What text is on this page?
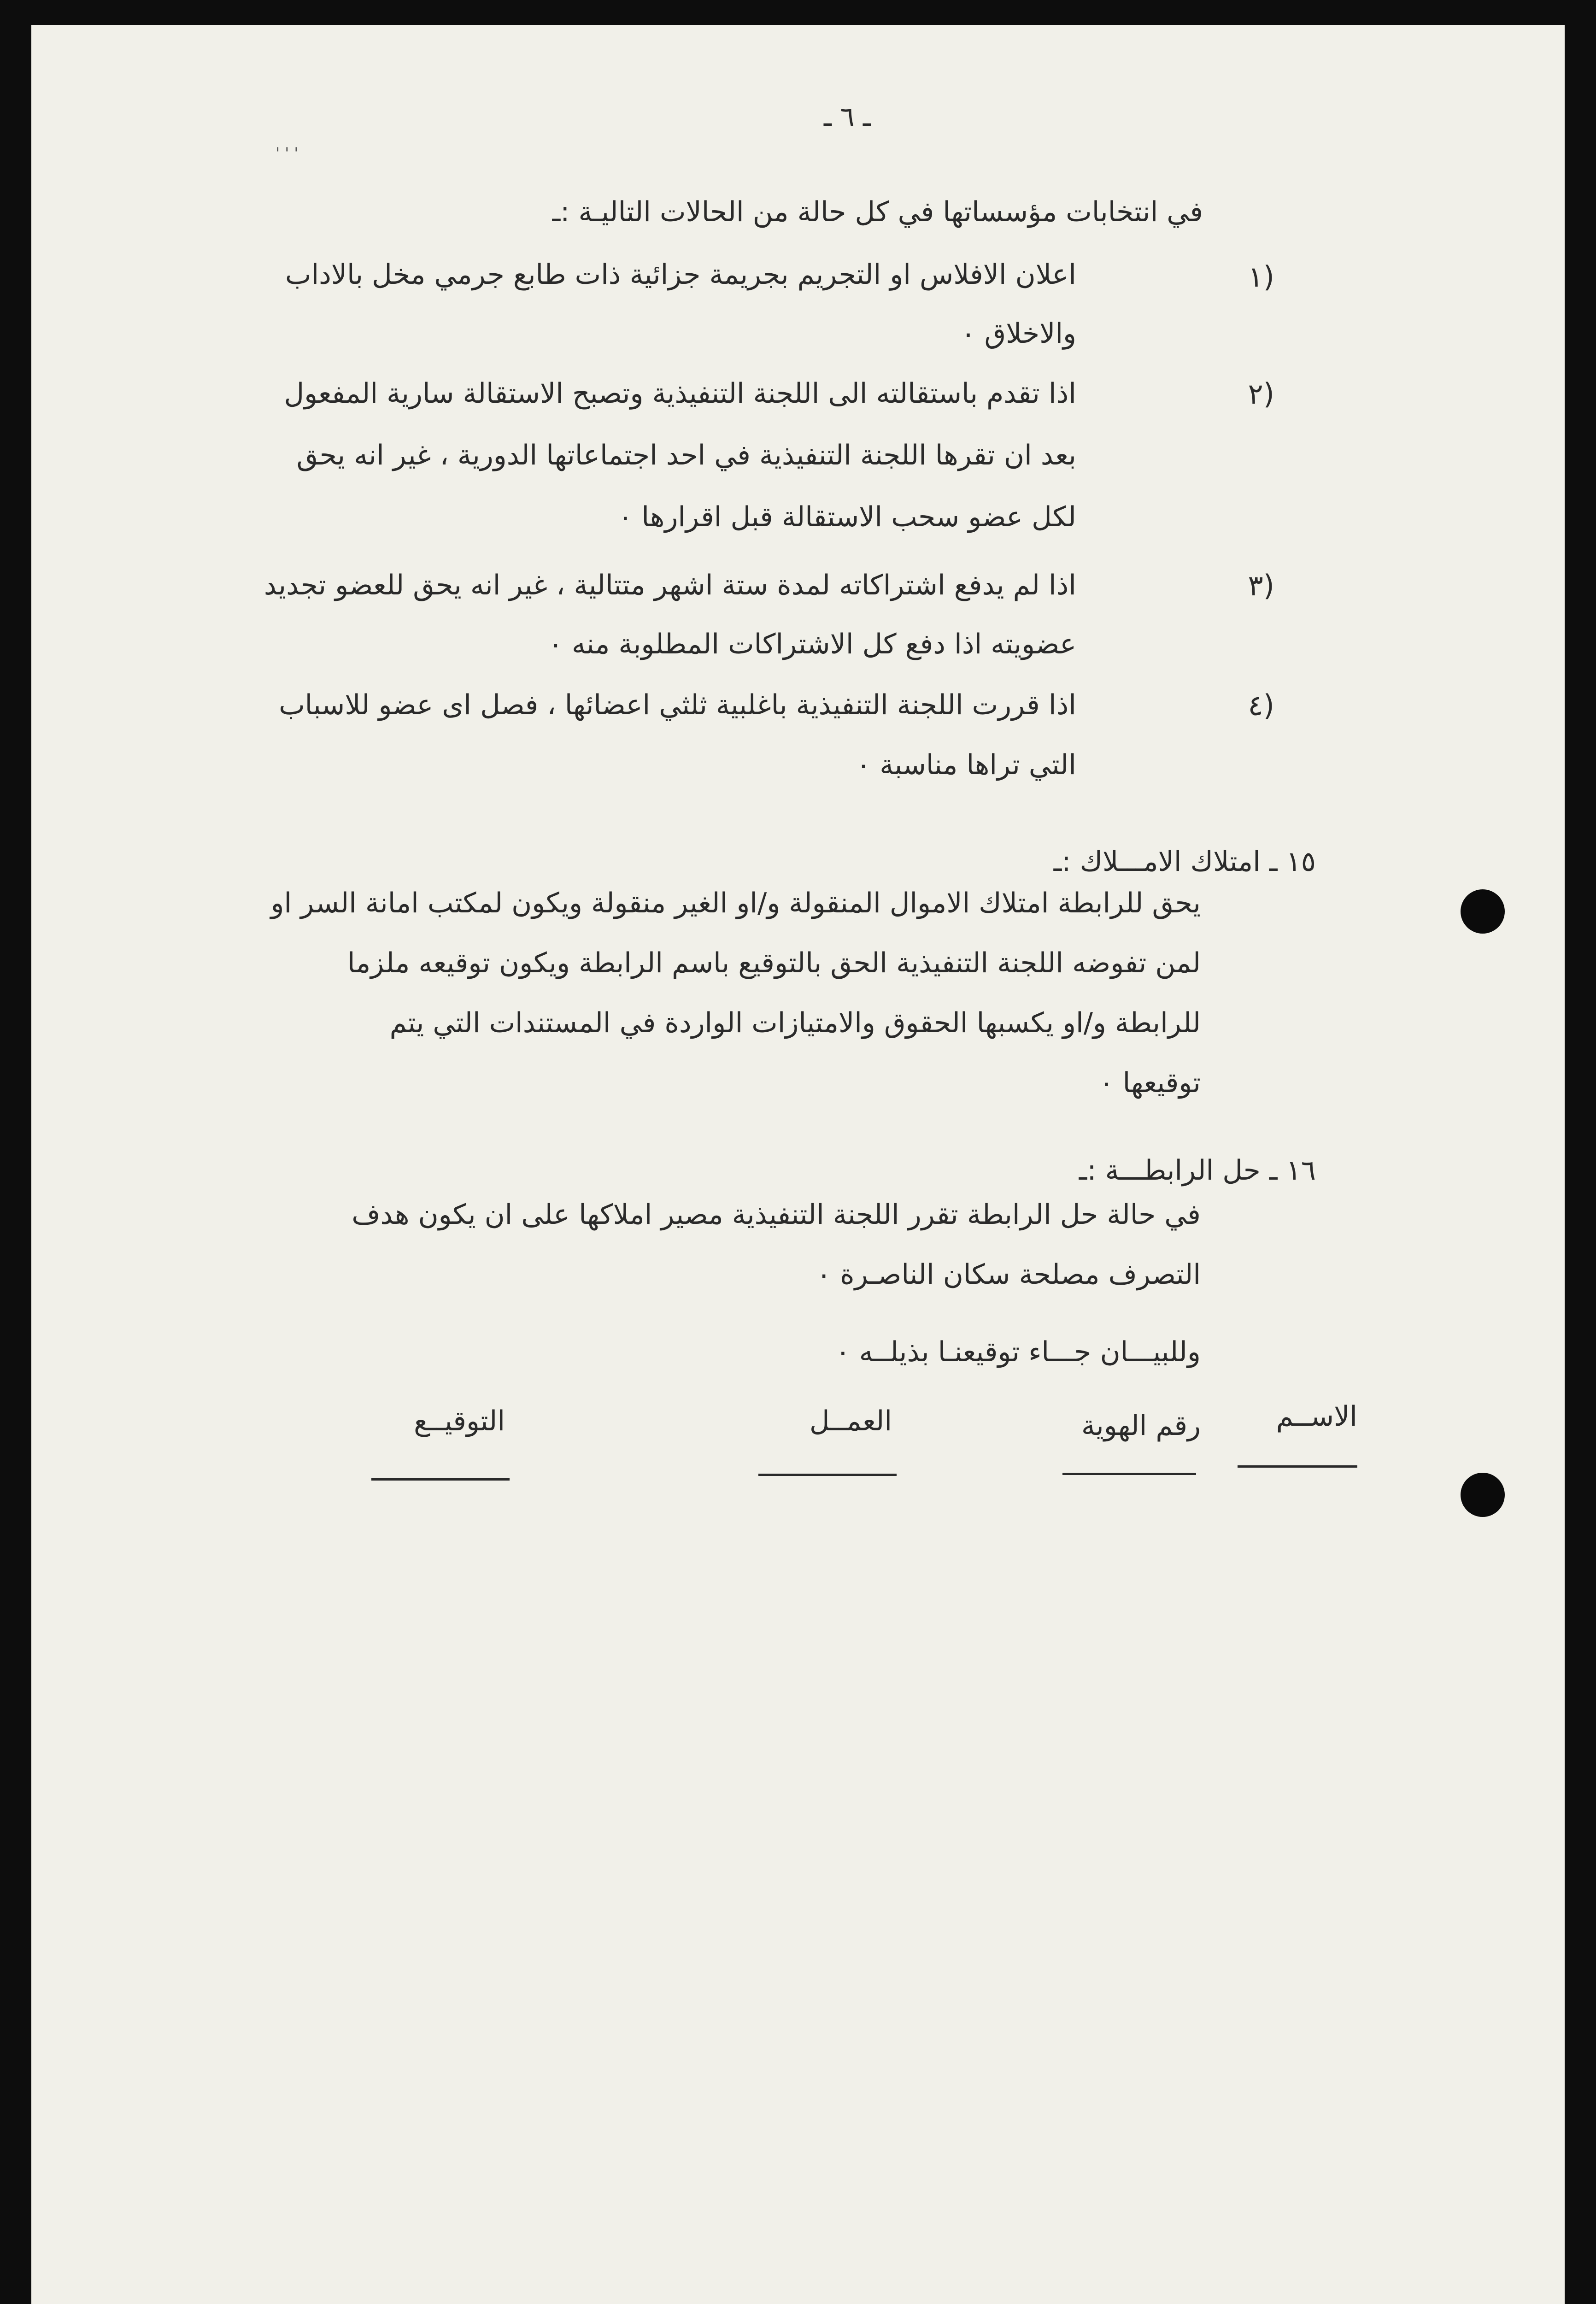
ـ ٦ ـ
' ' '
في انتخابات مؤسساتها في كل حالة من الحالات التاليـة :ـ
١)
اعلان الافلاس او التجريم بجريمة جزائية ذات طابع جرمي مخل بالاداب
والاخلاق ٠
٢)
اذا تقدم باستقالته الى اللجنة التنفيذية وتصبح الاستقالة سارية المفعول
بعد ان تقرها اللجنة التنفيذية في احد اجتماعاتها الدورية ، غير انه يحق
لكل عضو سحب الاستقالة قبل اقرارها ٠
٣)
اذا لم يدفع اشتراكاته لمدة ستة اشهر متتالية ، غير انه يحق للعضو تجديد
عضويته اذا دفع كل الاشتراكات المطلوبة منه ٠
٤)
اذا قررت اللجنة التنفيذية باغلبية ثلثي اعضائها ، فصل اى عضو للاسباب
التي تراها مناسبة ٠
١٥ ـ امتلاك الامـــلاك :ـ
يحق للرابطة امتلاك الاموال المنقولة و/او الغير منقولة ويكون لمكتب امانة السر او
لمن تفوضه اللجنة التنفيذية الحق بالتوقيع باسم الرابطة ويكون توقيعه ملزما
للرابطة و/او يكسبها الحقوق والامتيازات الواردة في المستندات التي يتم
توقيعها ٠
١٦ ـ حل الرابطـــة :ـ
في حالة حل الرابطة تقرر اللجنة التنفيذية مصير املاكها على ان يكون هدف
التصرف مصلحة سكان الناصـرة ٠
وللبيـــان جـــاء توقيعنـا بذيلــه ٠
الاســم
رقم الهوية
العمــل
التوقيــع
